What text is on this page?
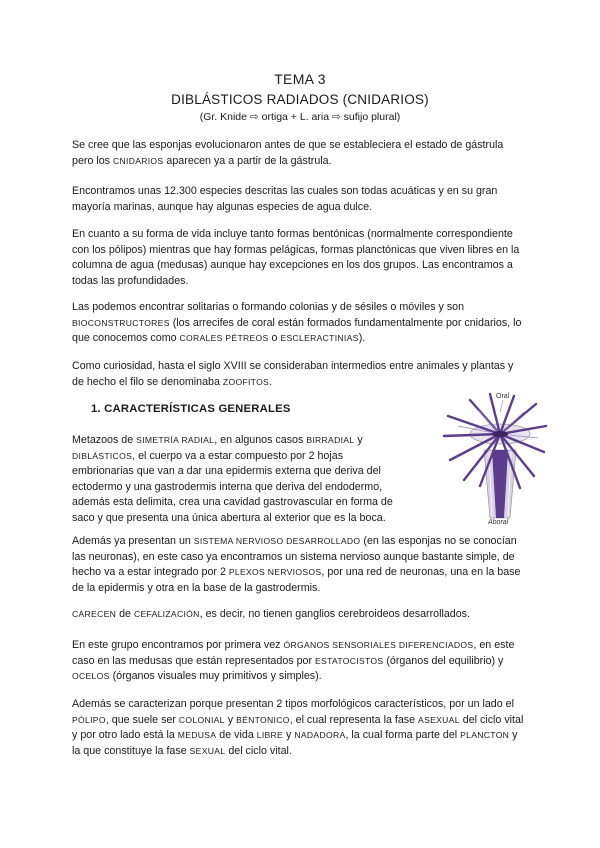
TEMA 3
DIBLÁSTICOS RADIADOS (CNIDARIOS)
(Gr. Knide ⇨ ortiga + L. aria ⇨ sufijo plural)

Se cree que las esponjas evolucionaron antes de que se estableciera el estado de gástrula pero los CNIDARIOS aparecen ya a partir de la gástrula.

Encontramos unas 12.300 especies descritas las cuales son todas acuáticas y en su gran mayoría marinas, aunque hay algunas especies de agua dulce.

En cuanto a su forma de vida incluye tanto formas bentónicas (normalmente correspondiente con los pólipos) mientras que hay formas pelágicas, formas planctónicas que viven libres en la columna de agua (medusas) aunque hay excepciones en los dos grupos. Las encontramos a todas las profundidades.

Las podemos encontrar solitarias o formando colonias y de sésiles o móviles y son BIOCONSTRUCTORES (los arrecifes de coral están formados fundamentalmente por cnidarios, lo que conocemos como CORALES PÉTREOS o ESCLERACTINIAS).

Como curiosidad, hasta el siglo XVIII se consideraban intermedios entre animales y plantas y de hecho el filo se denominaba ZOOFITOS.

1. CARACTERÍSTICAS GENERALES

Metazoos de SIMETRÍA RADIAL, en algunos casos BIRRADIAL y DIBLÁSTICOS, el cuerpo va a estar compuesto por 2 hojas embrionarias que van a dar una epidermis externa que deriva del ectodermo y una gastrodermis interna que deriva del endodermo, además esta delimita, crea una cavidad gastrovascular en forma de saco y que presenta una única abertura al exterior que es la boca.

Además ya presentan un SISTEMA NERVIOSO DESARROLLADO (en las esponjas no se conocían las neuronas), en este caso ya encontramos un sistema nervioso aunque bastante simple, de hecho va a estar integrado por 2 PLEXOS NERVIOSOS, por una red de neuronas, una en la base de la epidermis y otra en la base de la gastrodermis.

CARECEN de CEFALIZACIÓN, es decir, no tienen ganglios cerebroideos desarrollados.

En este grupo encontramos por primera vez ÓRGANOS SENSORIALES DIFERENCIADOS, en este caso en las medusas que están representados por ESTATOCISTOS (órganos del equilibrio) y OCELOS (órganos visuales muy primitivos y simples).

Además se caracterizan porque presentan 2 tipos morfológicos característicos, por un lado el PÓLIPO, que suele ser COLONIAL y BÉNTONICO, el cual representa la fase ASEXUAL del ciclo vital y por otro lado está la MEDUSA de vida LIBRE y NADADORA, la cual forma parte del PLANCTON y la que constituye la fase SEXUAL del ciclo vital.

Oral
Aboral
